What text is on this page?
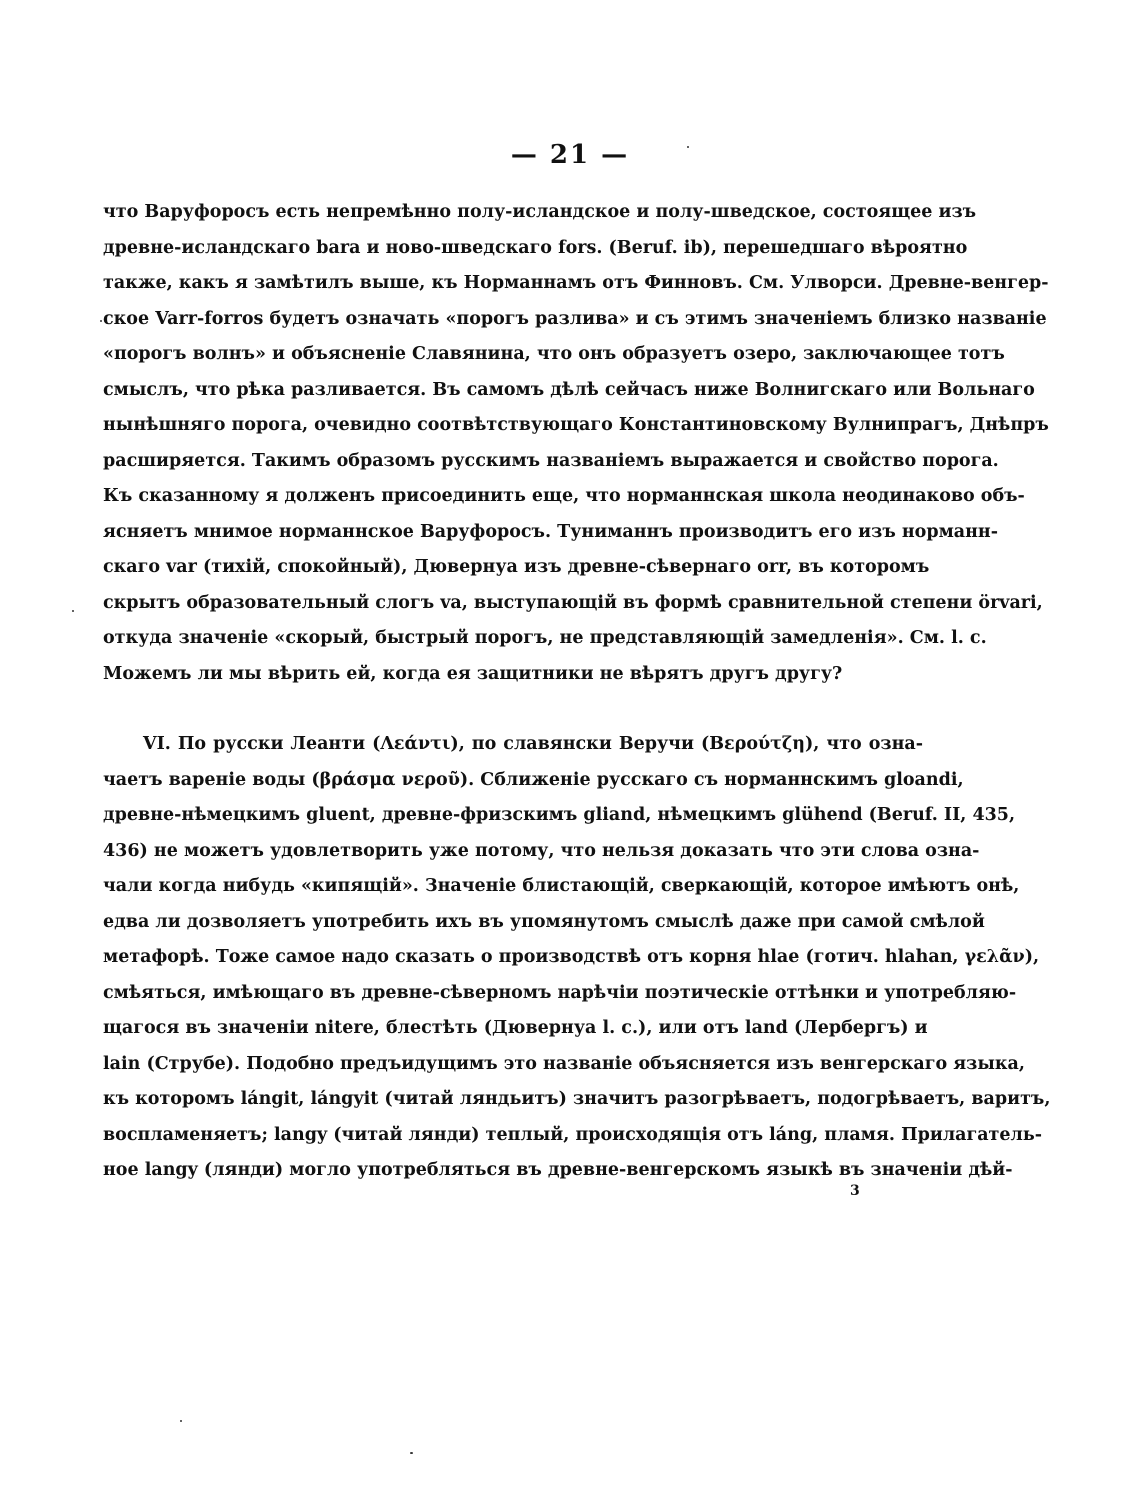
— 21 —
что Варуфоросъ есть непремѣнно полу-исландское и полу-шведское, состоящее изъ
древне-исландскаго bara и ново-шведскаго fors. (Beruf. ib), перешедшаго вѣроятно
также, какъ я замѣтилъ выше, къ Норманнамъ отъ Финновъ. См. Улворси. Древне-венгер-
ское Varr-forros будетъ означать «порогъ разлива» и съ этимъ значеніемъ близко названіе
«порогъ волнъ» и объясненіе Славянина, что онъ образуетъ озеро, заключающее тотъ
смыслъ, что рѣка разливается. Въ самомъ дѣлѣ сейчасъ ниже Волнигскаго или Вольнаго
нынѣшняго порога, очевидно соотвѣтствующаго Константиновскому Вулнипрагъ, Днѣпръ
расширяется. Такимъ образомъ русскимъ названіемъ выражается и свойство порога.
Къ сказанному я долженъ присоединить еще, что норманнская школа неодинаково объ-
ясняетъ мнимое норманнское Варуфоросъ. Туниманнъ производитъ его изъ норманн-
скаго var (тихій, спокойный), Дювернуа изъ древне-сѣвернаго orr, въ которомъ
скрытъ образовательный слогъ va, выступающій въ формѣ сравнительной степени örvari,
откуда значеніе «скорый, быстрый порогъ, не представляющій замедленія». См. l. c.
Можемъ ли мы вѣрить ей, когда ея защитники не вѣрятъ другъ другу?
VI. По русски Леанти (Λεάντι), по славянски Веручи (Βερούτζη), что озна-
чаетъ вареніе воды (βράσμα νεροῦ). Сближеніе русскаго съ норманнскимъ gloandi,
древне-нѣмецкимъ gluent, древне-фризскимъ gliand, нѣмецкимъ glühend (Beruf. II, 435,
436) не можетъ удовлетворить уже потому, что нельзя доказать что эти слова озна-
чали когда нибудь «кипящій». Значеніе блистающій, сверкающій, которое имѣютъ онѣ,
едва ли дозволяетъ употребить ихъ въ упомянутомъ смыслѣ даже при самой смѣлой
метафорѣ. Тоже самое надо сказать о производствѣ отъ корня hlae (готич. hlahan, γελᾶν),
смѣяться, имѣющаго въ древне-сѣверномъ нарѣчіи поэтическіе оттѣнки и употребляю-
щагося въ значеніи nitere, блестѣть (Дювернуа l. c.), или отъ land (Лербергъ) и
lain (Струбе). Подобно предъидущимъ это названіе объясняется изъ венгерскаго языка,
къ которомъ lángit, lángyit (читай ляндьитъ) значитъ разогрѣваетъ, подогрѣваетъ, варитъ,
воспламеняетъ; langy (читай лянди) теплый, происходящія отъ láng, пламя. Прилагатель-
ное langy (лянди) могло употребляться въ древне-венгерскомъ языкѣ въ значеніи дѣй-
3
